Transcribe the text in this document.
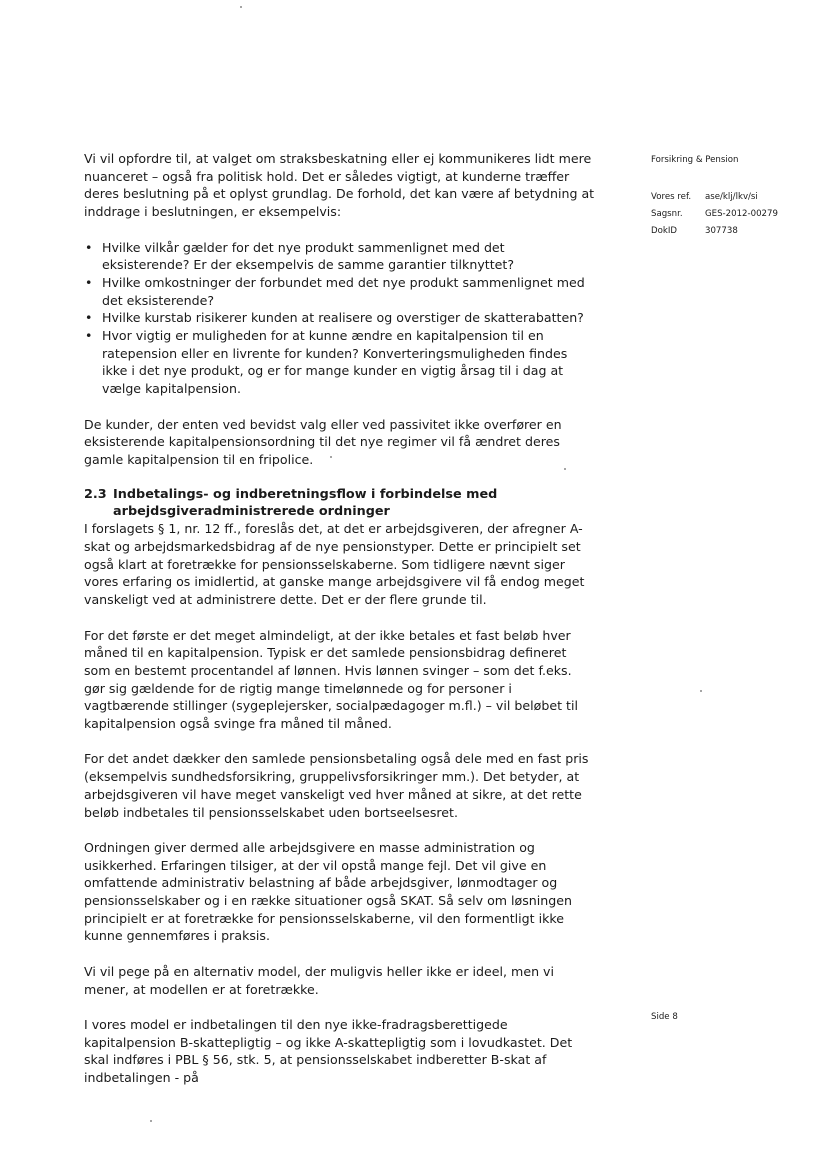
Vi vil opfordre til, at valget om straksbeskatning eller ej kommunikeres lidt mere nuanceret – også fra politisk hold. Det er således vigtigt, at kunderne træffer deres beslutning på et oplyst grundlag. De forhold, det kan være af betydning at inddrage i beslutningen, er eksempelvis:

• Hvilke vilkår gælder for det nye produkt sammenlignet med det eksisterende? Er der eksempelvis de samme garantier tilknyttet?
• Hvilke omkostninger der forbundet med det nye produkt sammenlignet med det eksisterende?
• Hvilke kurstab risikerer kunden at realisere og overstiger de skatterabatten?
• Hvor vigtig er muligheden for at kunne ændre en kapitalpension til en ratepension eller en livrente for kunden? Konverteringsmuligheden findes ikke i det nye produkt, og er for mange kunder en vigtig årsag til i dag at vælge kapitalpension.

De kunder, der enten ved bevidst valg eller ved passivitet ikke overfører en eksisterende kapitalpensionsordning til det nye regimer vil få ændret deres gamle kapitalpension til en fripolice.

2.3 Indbetalings- og indberetningsflow i forbindelse med arbejdsgiveradministrerede ordninger

I forslagets § 1, nr. 12 ff., foreslås det, at det er arbejdsgiveren, der afregner A-skat og arbejdsmarkedsbidrag af de nye pensionstyper. Dette er principielt set også klart at foretrække for pensionsselskaberne. Som tidligere nævnt siger vores erfaring os imidlertid, at ganske mange arbejdsgivere vil få endog meget vanskeligt ved at administrere dette. Det er der flere grunde til.

For det første er det meget almindeligt, at der ikke betales et fast beløb hver måned til en kapitalpension. Typisk er det samlede pensionsbidrag defineret som en bestemt procentandel af lønnen. Hvis lønnen svinger – som det f.eks. gør sig gældende for de rigtig mange timelønnede og for personer i vagtbærende stillinger (sygeplejersker, socialpædagoger m.fl.) – vil beløbet til kapitalpension også svinge fra måned til måned.

For det andet dækker den samlede pensionsbetaling også dele med en fast pris (eksempelvis sundhedsforsikring, gruppelivsforsikringer mm.). Det betyder, at arbejdsgiveren vil have meget vanskeligt ved hver måned at sikre, at det rette beløb indbetales til pensionsselskabet uden bortseelsesret.

Ordningen giver dermed alle arbejdsgivere en masse administration og usikkerhed. Erfaringen tilsiger, at der vil opstå mange fejl. Det vil give en omfattende administrativ belastning af både arbejdsgiver, lønmodtager og pensionsselskaber og i en række situationer også SKAT. Så selv om løsningen principielt er at foretrække for pensionsselskaberne, vil den formentligt ikke kunne gennemføres i praksis.

Vi vil pege på en alternativ model, der muligvis heller ikke er ideel, men vi mener, at modellen er at foretrække.

I vores model er indbetalingen til den nye ikke-fradragsberettigede kapitalpension B-skattepligtig – og ikke A-skattepligtig som i lovudkastet. Det skal indføres i PBL § 56, stk. 5, at pensionsselskabet indberetter B-skat af indbetalingen - på

Forsikring & Pension
Vores ref.	ase/klj/lkv/si
Sagsnr.	GES-2012-00279
DokID	307738
Side 8
